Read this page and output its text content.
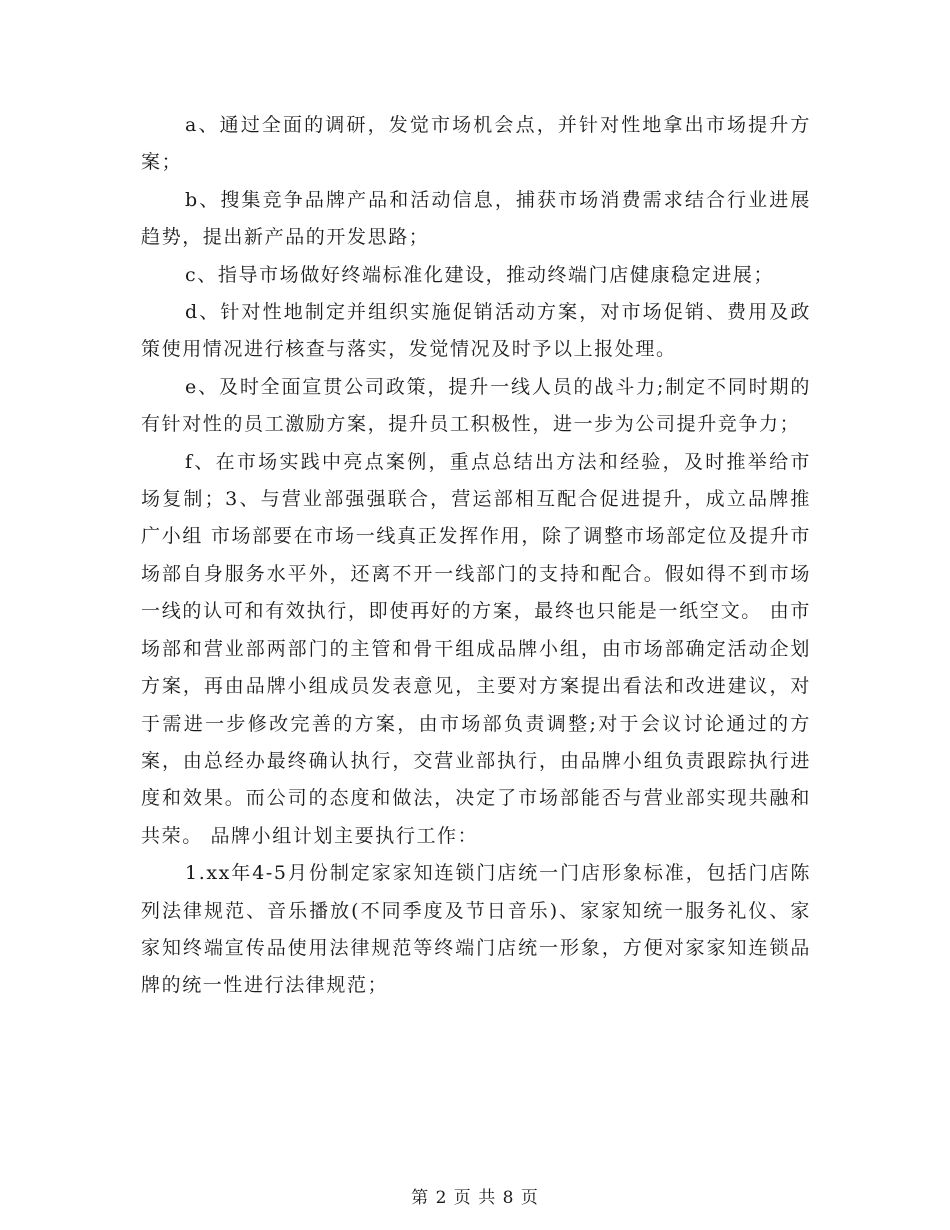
a、通过全面的调研，发觉市场机会点，并针对性地拿出市场提升方案；

b、搜集竞争品牌产品和活动信息，捕获市场消费需求结合行业进展趋势，提出新产品的开发思路；

c、指导市场做好终端标准化建设，推动终端门店健康稳定进展；

d、针对性地制定并组织实施促销活动方案，对市场促销、费用及政策使用情况进行核查与落实，发觉情况及时予以上报处理。

e、及时全面宣贯公司政策，提升一线人员的战斗力;制定不同时期的有针对性的员工激励方案，提升员工积极性，进一步为公司提升竞争力；

f、在市场实践中亮点案例，重点总结出方法和经验，及时推举给市场复制；3、与营业部强强联合，营运部相互配合促进提升，成立品牌推广小组 市场部要在市场一线真正发挥作用，除了调整市场部定位及提升市场部自身服务水平外，还离不开一线部门的支持和配合。假如得不到市场一线的认可和有效执行，即使再好的方案，最终也只能是一纸空文。 由市场部和营业部两部门的主管和骨干组成品牌小组，由市场部确定活动企划方案，再由品牌小组成员发表意见，主要对方案提出看法和改进建议，对于需进一步修改完善的方案，由市场部负责调整;对于会议讨论通过的方案，由总经办最终确认执行，交营业部执行，由品牌小组负责跟踪执行进度和效果。而公司的态度和做法，决定了市场部能否与营业部实现共融和共荣。 品牌小组计划主要执行工作：

1.xx年4-5月份制定家家知连锁门店统一门店形象标准，包括门店陈列法律规范、音乐播放(不同季度及节日音乐)、家家知统一服务礼仪、家家知终端宣传品使用法律规范等终端门店统一形象，方便对家家知连锁品牌的统一性进行法律规范；

第 2 页 共 8 页
